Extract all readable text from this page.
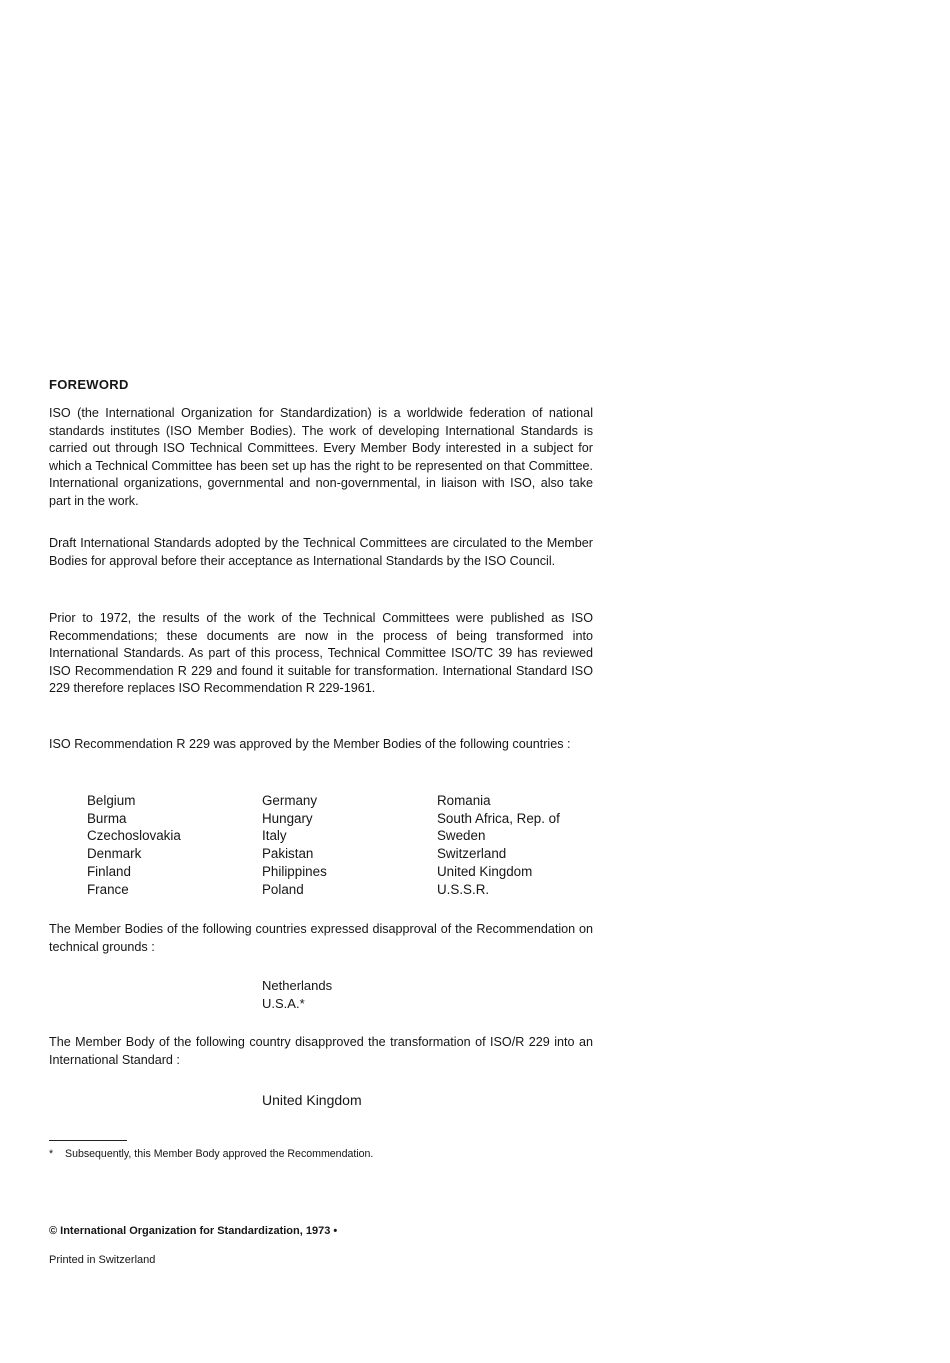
FOREWORD

ISO (the International Organization for Standardization) is a worldwide federation of national standards institutes (ISO Member Bodies). The work of developing International Standards is carried out through ISO Technical Committees. Every Member Body interested in a subject for which a Technical Committee has been set up has the right to be represented on that Committee. International organizations, governmental and non-governmental, in liaison with ISO, also take part in the work.

Draft International Standards adopted by the Technical Committees are circulated to the Member Bodies for approval before their acceptance as International Standards by the ISO Council.

Prior to 1972, the results of the work of the Technical Committees were published as ISO Recommendations; these documents are now in the process of being transformed into International Standards. As part of this process, Technical Committee ISO/TC 39 has reviewed ISO Recommendation R 229 and found it suitable for transformation. International Standard ISO 229 therefore replaces ISO Recommendation R 229-1961.

ISO Recommendation R 229 was approved by the Member Bodies of the following countries :

Belgium
Burma
Czechoslovakia
Denmark
Finland
France
Germany
Hungary
Italy
Pakistan
Philippines
Poland
Romania
South Africa, Rep. of
Sweden
Switzerland
United Kingdom
U.S.S.R.

The Member Bodies of the following countries expressed disapproval of the Recommendation on technical grounds :

Netherlands
U.S.A.*

The Member Body of the following country disapproved the transformation of ISO/R 229 into an International Standard :

United Kingdom
* Subsequently, this Member Body approved the Recommendation.
© International Organization for Standardization, 1973 •
Printed in Switzerland
